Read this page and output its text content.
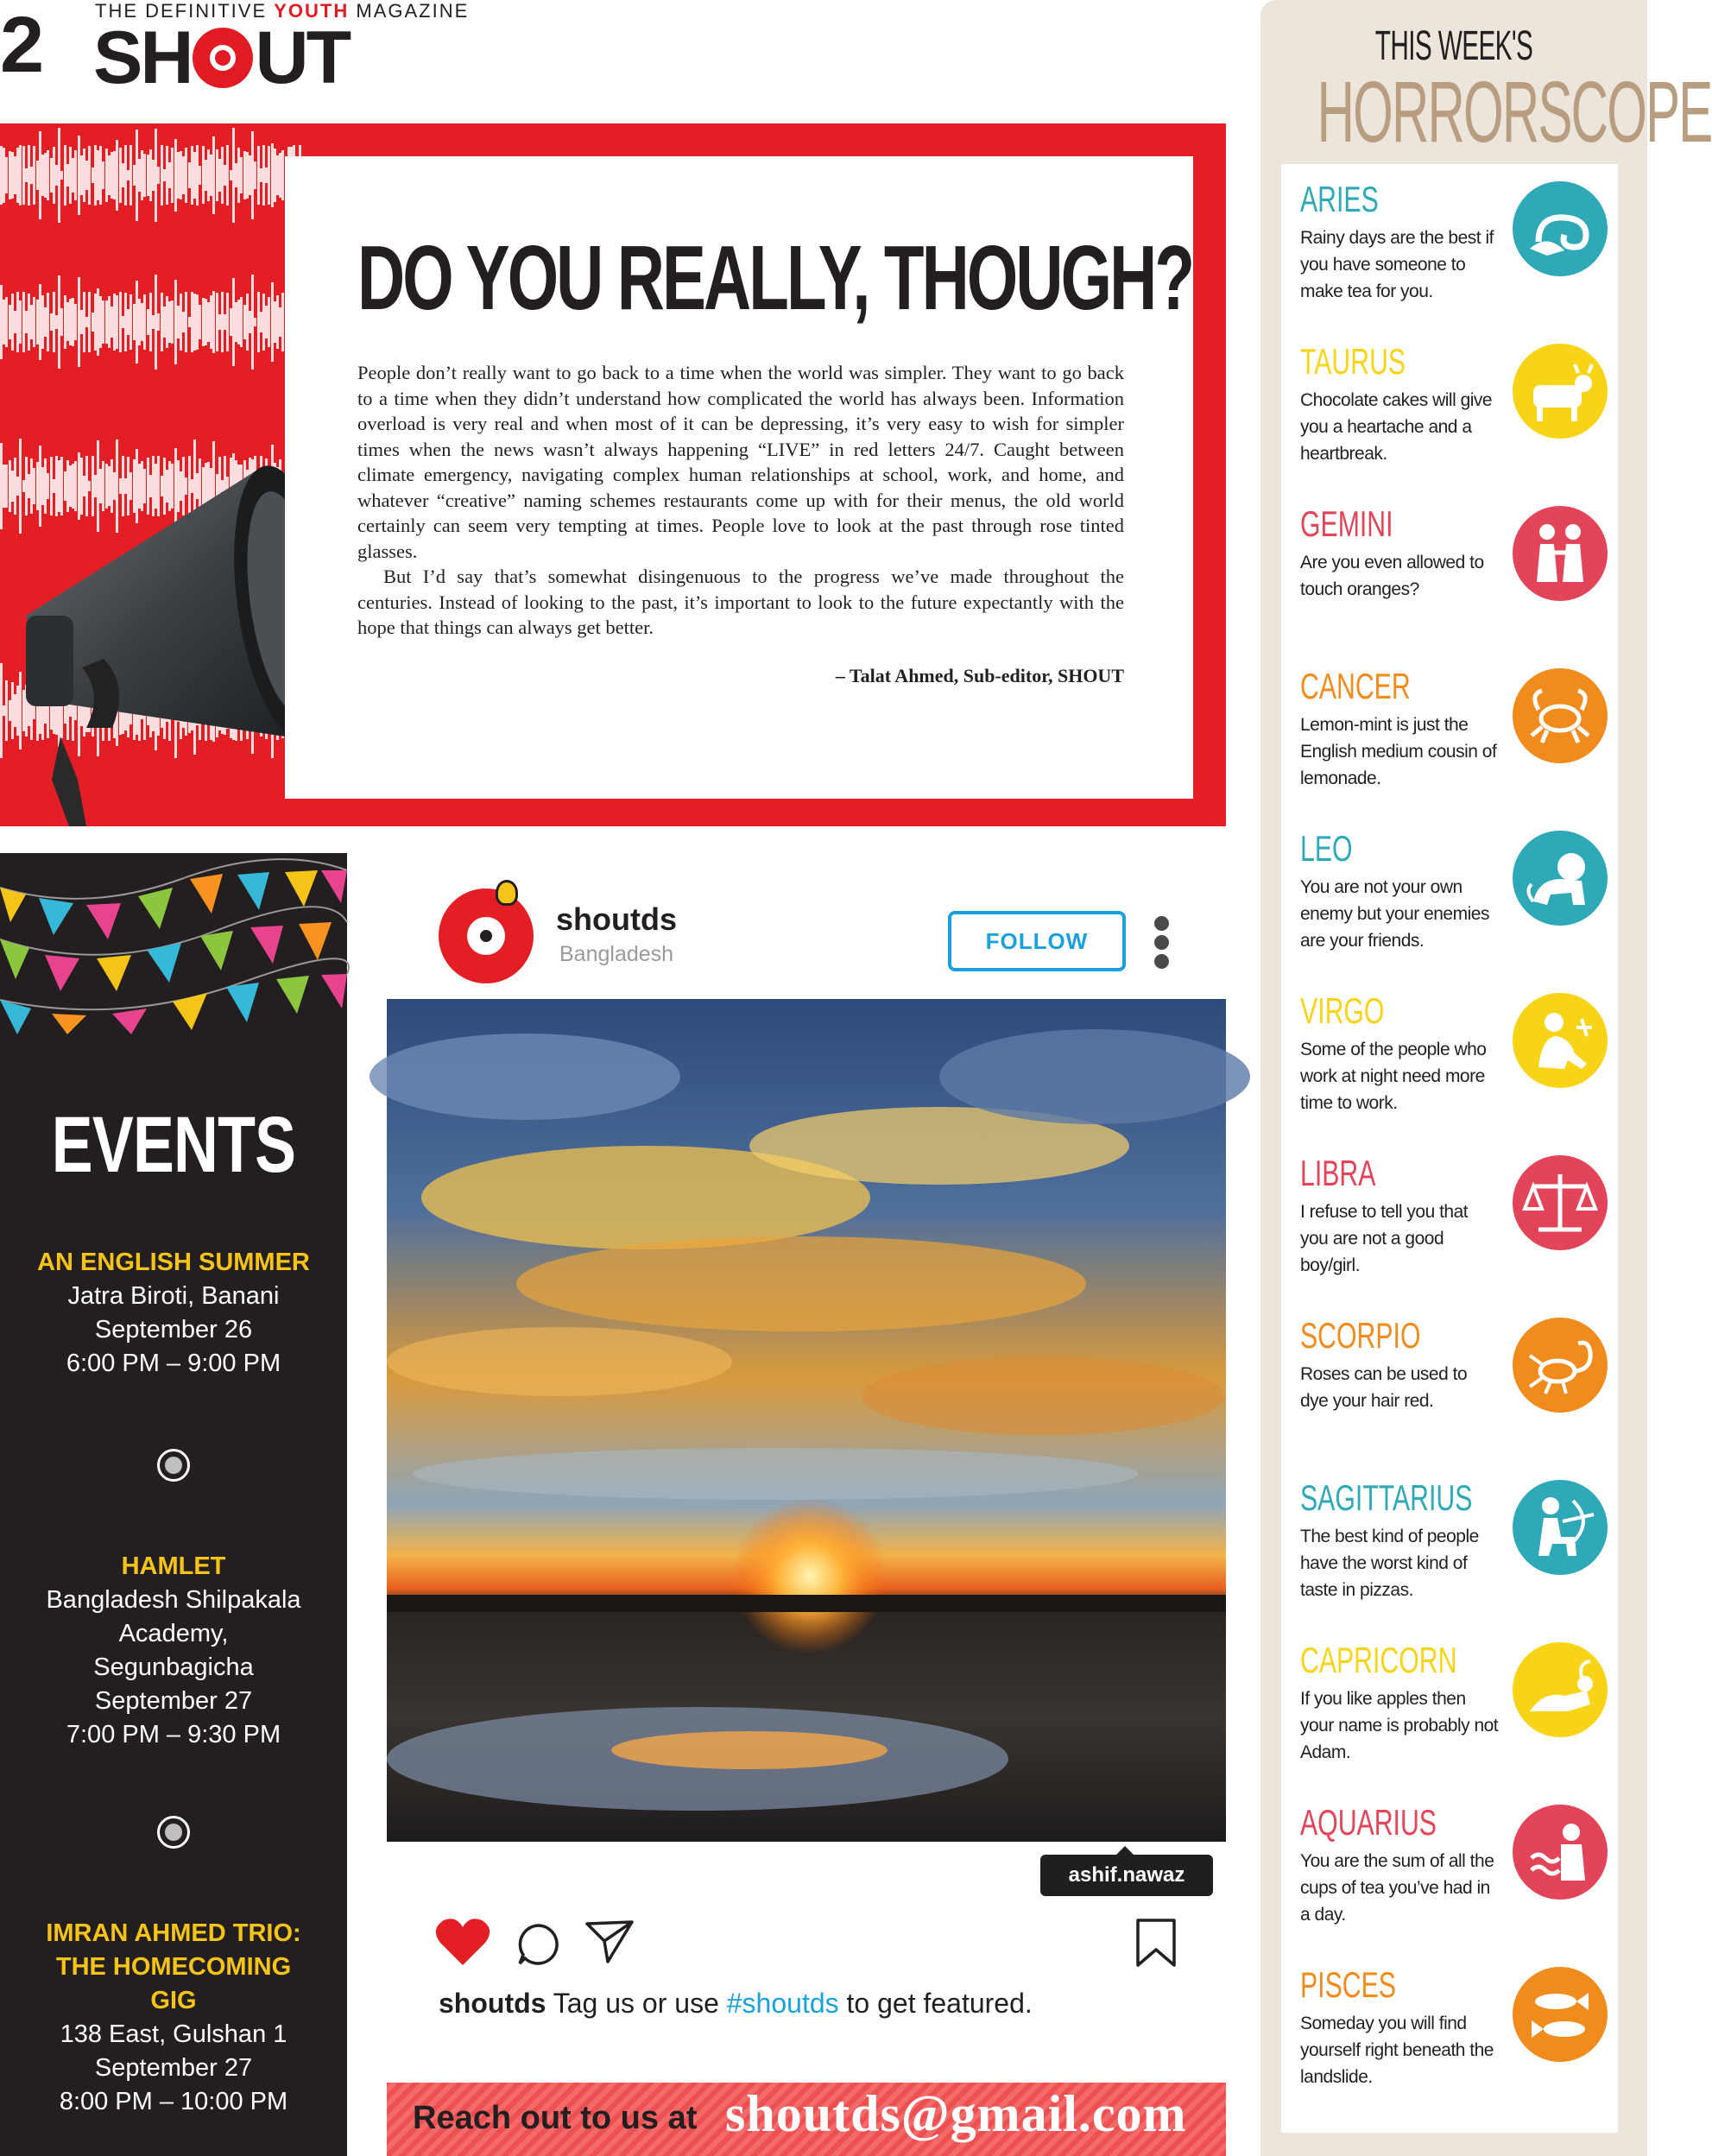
2	THE DEFINITIVE YOUTH MAGAZINE
SH UT
DO YOU REALLY, THOUGH?

People don’t really want to go back to a time when the world was simpler. They want to go back to a time when they didn’t understand how complicated the world has always been. Information overload is very real and when most of it can be depressing, it’s very easy to wish for simpler times when the news wasn’t always happening “LIVE” in red letters 24/7. Caught between climate emergency, navigating complex human relationships at school, work, and home, and whatever “creative” naming schemes restaurants come up with for their menus, the old world certainly can seem very tempting at times. People love to look at the past through rose tinted glasses.

But I’d say that’s somewhat disingenuous to the progress we’ve made throughout the centuries. Instead of looking to the past, it’s important to look to the future expectantly with the hope that things can always get better.

– Talat Ahmed, Sub-editor, SHOUT
EVENTS
AN ENGLISH SUMMER
Jatra Biroti, Banani
September 26
6:00 PM – 9:00 PM
HAMLET
Bangladesh Shilpakala
Academy,
Segunbagicha
September 27
7:00 PM – 9:30 PM
IMRAN AHMED TRIO:
THE HOMECOMING
GIG
138 East, Gulshan 1
September 27
8:00 PM – 10:00 PM
shoutds
Bangladesh	FOLLOW
ashif.nawaz
shoutds Tag us or use #shoutds to get featured.
Reach out to us at shoutds@gmail.com
THIS WEEK'S
HORRORSCOPE
ARIES
Rainy days are the best if you have someone to make tea for you.
TAURUS
Chocolate cakes will give you a heartache and a heartbreak.
GEMINI
Are you even allowed to touch oranges?
CANCER
Lemon-mint is just the English medium cousin of lemonade.
LEO
You are not your own enemy but your enemies are your friends.
VIRGO
Some of the people who work at night need more time to work.
LIBRA
I refuse to tell you that you are not a good boy/girl.
SCORPIO
Roses can be used to dye your hair red.
SAGITTARIUS
The best kind of people have the worst kind of taste in pizzas.
CAPRICORN
If you like apples then your name is probably not Adam.
AQUARIUS
You are the sum of all the cups of tea you’ve had in a day.
PISCES
Someday you will find yourself right beneath the landslide.
